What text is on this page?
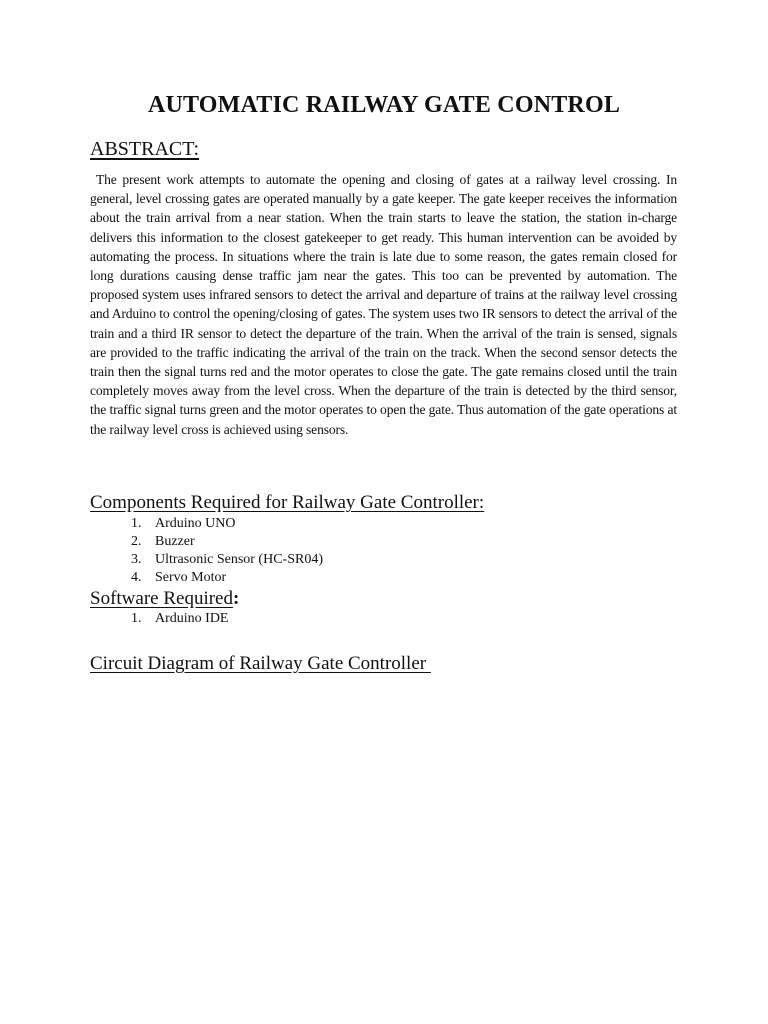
AUTOMATIC RAILWAY GATE CONTROL
ABSTRACT:

The present work attempts to automate the opening and closing of gates at a railway level crossing. In general, level crossing gates are operated manually by a gate keeper. The gate keeper receives the information about the train arrival from a near station. When the train starts to leave the station, the station in-charge delivers this information to the closest gatekeeper to get ready. This human intervention can be avoided by automating the process. In situations where the train is late due to some reason, the gates remain closed for long durations causing dense traffic jam near the gates. This too can be prevented by automation. The proposed system uses infrared sensors to detect the arrival and departure of trains at the railway level crossing and Arduino to control the opening/closing of gates. The system uses two IR sensors to detect the arrival of the train and a third IR sensor to detect the departure of the train. When the arrival of the train is sensed, signals are provided to the traffic indicating the arrival of the train on the track. When the second sensor detects the train then the signal turns red and the motor operates to close the gate. The gate remains closed until the train completely moves away from the level cross. When the departure of the train is detected by the third sensor, the traffic signal turns green and the motor operates to open the gate. Thus automation of the gate operations at the railway level cross is achieved using sensors.

Components Required for Railway Gate Controller:
1. Arduino UNO
2. Buzzer
3. Ultrasonic Sensor (HC-SR04)
4. Servo Motor
Software Required:
1. Arduino IDE
Circuit Diagram of Railway Gate Controller
